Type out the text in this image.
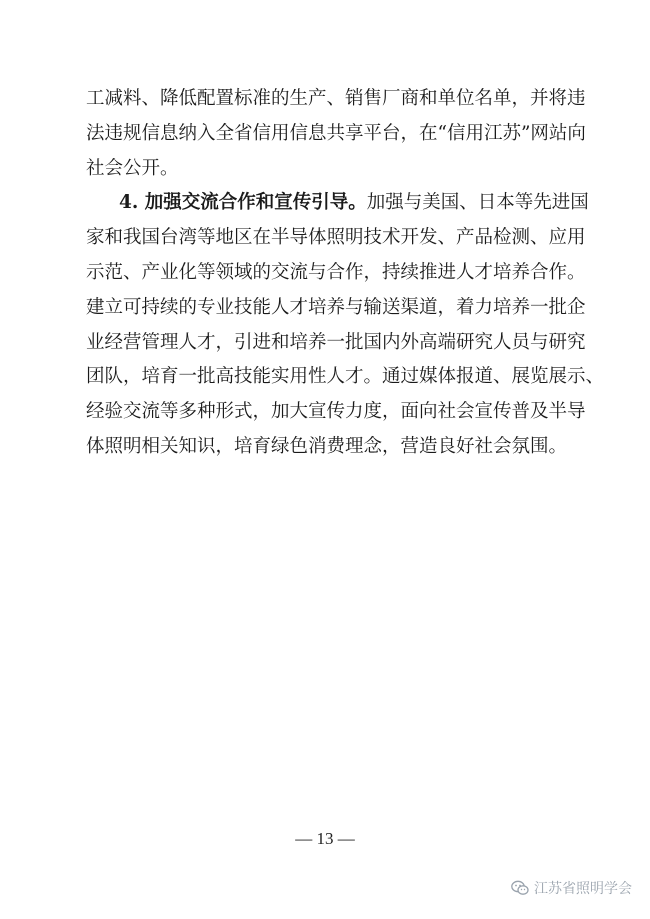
工减料、降低配置标准的生产、销售厂商和单位名单，并将违
法违规信息纳入全省信用信息共享平台，在“信用江苏”网站向
社会公开。
4. 加强交流合作和宣传引导。加强与美国、日本等先进国
家和我国台湾等地区在半导体照明技术开发、产品检测、应用
示范、产业化等领域的交流与合作，持续推进人才培养合作。
建立可持续的专业技能人才培养与输送渠道，着力培养一批企
业经营管理人才，引进和培养一批国内外高端研究人员与研究
团队，培育一批高技能实用性人才。通过媒体报道、展览展示、
经验交流等多种形式，加大宣传力度，面向社会宣传普及半导
体照明相关知识，培育绿色消费理念，营造良好社会氛围。
— 13 —
江苏省照明学会
